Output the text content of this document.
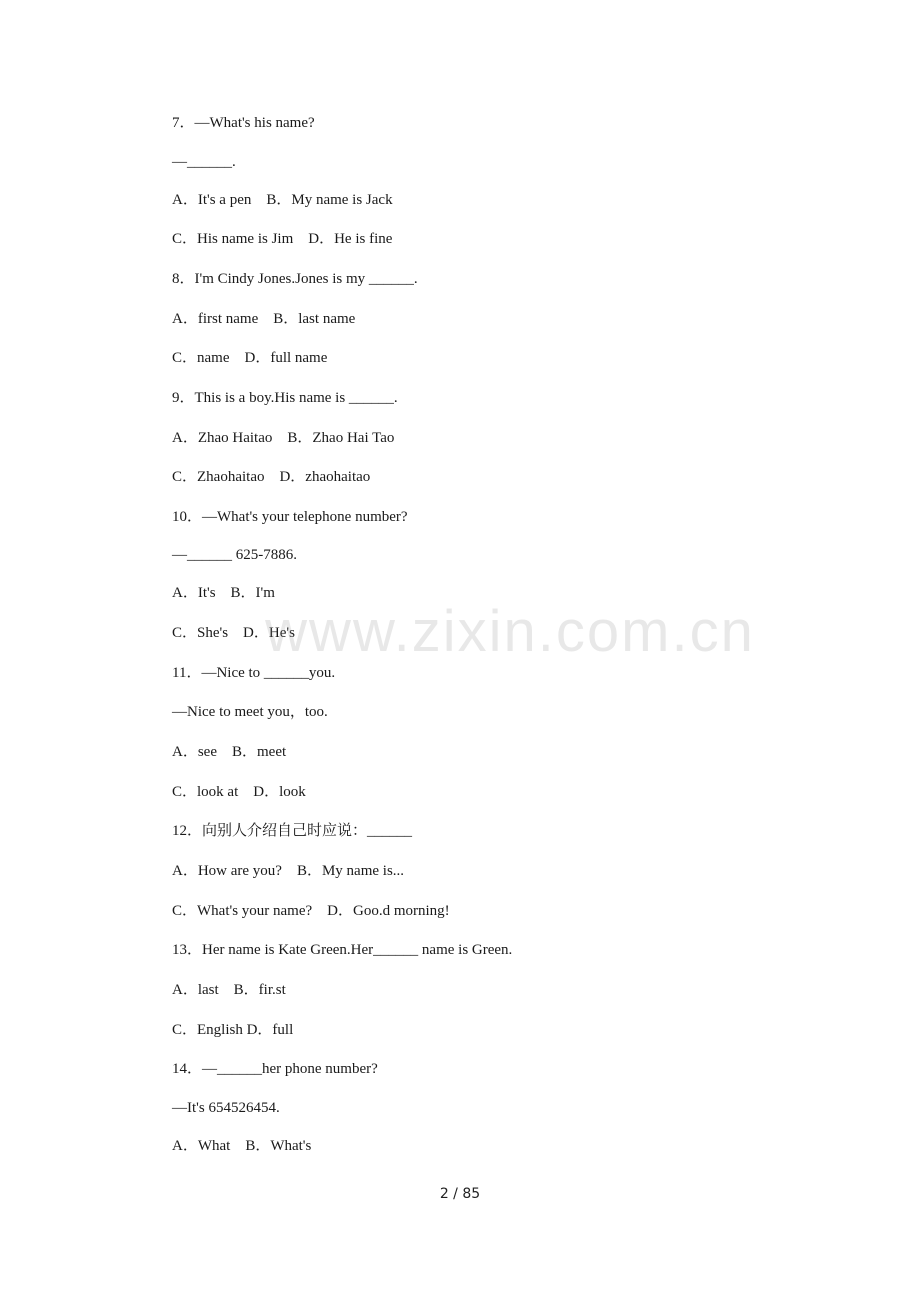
7．—What's his name?
—______.
A．It's a pen　B．My name is Jack
C．His name is Jim　D．He is fine
8．I'm Cindy Jones.Jones is my ______.
A．first name　B．last name
C．name　D．full name
9．This is a boy.His name is ______.
A．Zhao Haitao　B．Zhao Hai Tao
C．Zhaohaitao　D．zhaohaitao
10．—What's your telephone number?
—______ 625-7886.
A．It's　B．I'm
C．She's　D．He's
11．—Nice to ______you.
—Nice to meet you，too.
A．see　B．meet
C．look at　D．look
12．向别人介绍自己时应说：______
A．How are you?　B．My name is...
C．What's your name?　D．Goo.d morning!
13．Her name is Kate Green.Her______ name is Green.
A．last　B．fir.st
C．English D．full
14．—______her phone number?
—It's 654526454.
A．What　B．What's
www.zixin.com.cn
2 / 85
